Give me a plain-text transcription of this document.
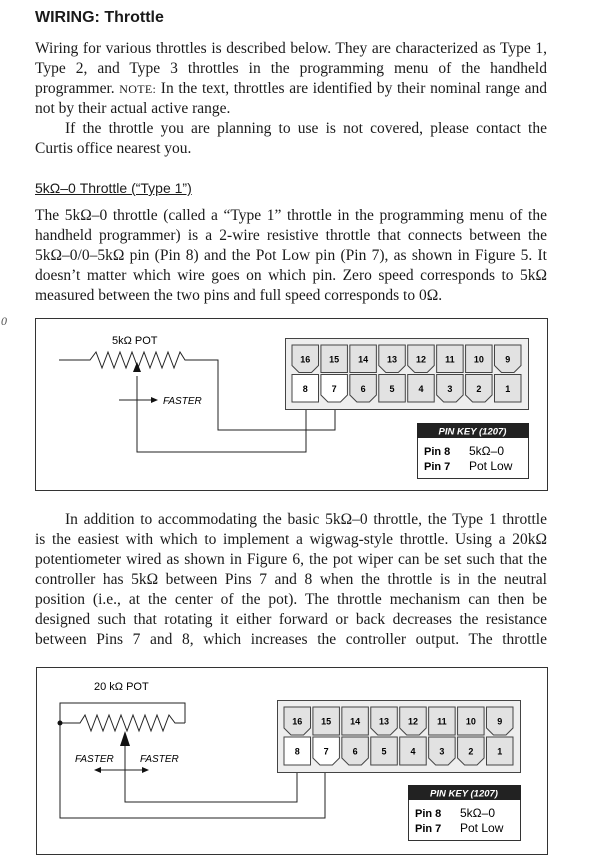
WIRING: Throttle
0
Wiring for various throttles is described below. They are characterized as Type 1,
Type 2, and Type 3 throttles in the programming menu of the handheld
programmer. NOTE: In the text, throttles are identified by their nominal range and
not by their actual active range.
If the throttle you are planning to use is not covered, please contact the
Curtis office nearest you.
5kΩ–0 Throttle (“Type 1”)
The 5kΩ–0 throttle (called a “Type 1” throttle in the programming menu of the
handheld programmer) is a 2-wire resistive throttle that connects between the
5kΩ–0/0–5kΩ pin (Pin 8) and the Pot Low pin (Pin 7), as shown in Figure 5. It
doesn’t matter which wire goes on which pin. Zero speed corresponds to 5kΩ
measured between the two pins and full speed corresponds to 0Ω.
5kΩ POT
FASTER
16 15 14 13 12 11 10 9
8	7	6	5	4	3	2	1
PIN KEY (1207)
Pin 8 5kΩ–0
Pin 7 Pot Low
20 kΩ POT
FASTER	FASTER
16 15 14 13 12 11 10 9
8	7	6	5	4	3	2	1
PIN KEY (1207)
Pin 8 5kΩ–0
Pin 7 Pot Low
In addition to accommodating the basic 5kΩ–0 throttle, the Type 1 throttle
is the easiest with which to implement a wigwag-style throttle. Using a 20kΩ
potentiometer wired as shown in Figure 6, the pot wiper can be set such that the
controller has 5kΩ between Pins 7 and 8 when the throttle is in the neutral
position (i.e., at the center of the pot). The throttle mechanism can then be
designed such that rotating it either forward or back decreases the resistance
between Pins 7 and 8, which increases the controller output. The throttle
